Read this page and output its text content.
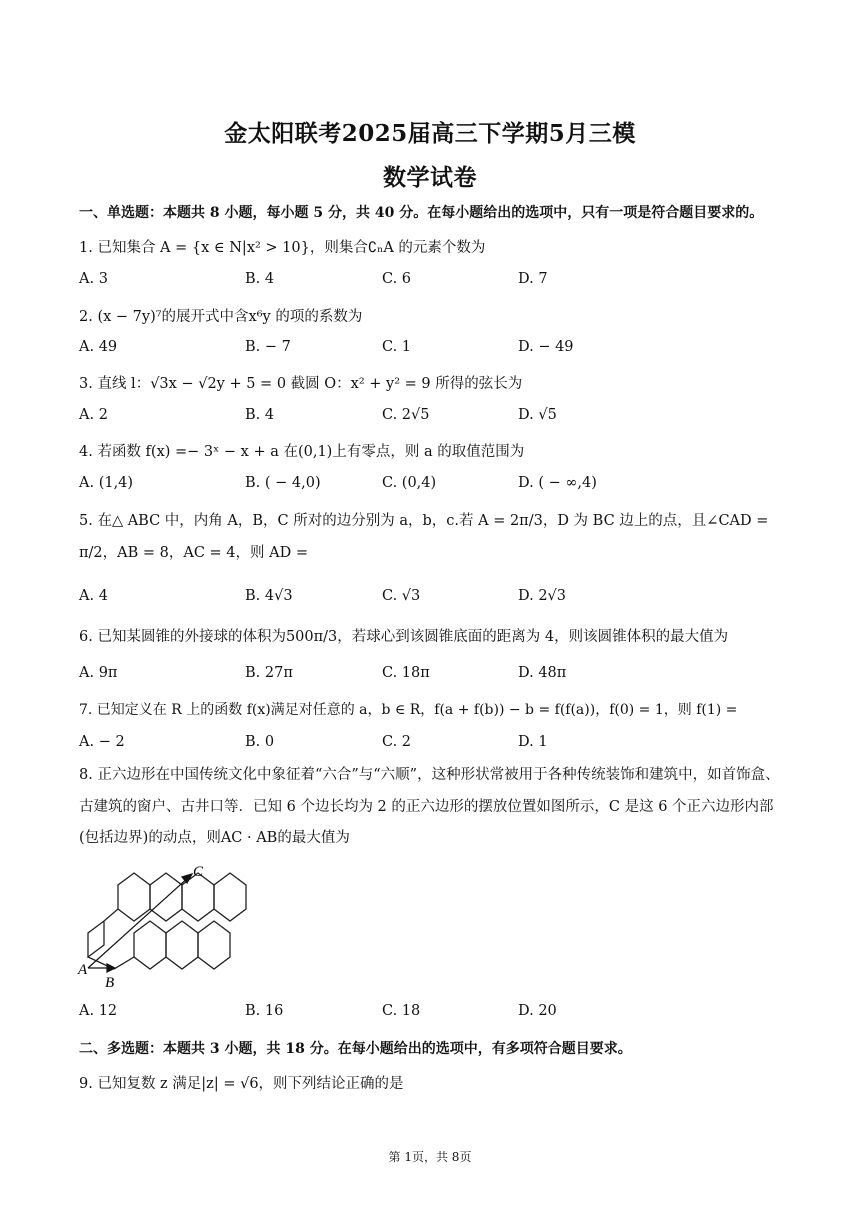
金太阳联考2025届高三下学期5月三模
数学试卷
一、单选题：本题共 8 小题，每小题 5 分，共 40 分。在每小题给出的选项中，只有一项是符合题目要求的。
1. 已知集合 A = {x ∈ N|x² > 10}，则集合∁ₙA 的元素个数为
A. 3	B. 4	C. 6	D. 7
2. (x − 7y)⁷的展开式中含x⁶y 的项的系数为
A. 49	B. − 7	C. 1	D. − 49
3. 直线 l：√3x − √2y + 5 = 0 截圆 O：x² + y² = 9 所得的弦长为
A. 2	B. 4	C. 2√5	D. √5
4. 若函数 f(x) =− 3ˣ − x + a 在(0,1)上有零点，则 a 的取值范围为
A. (1,4)	B. ( − 4,0)	C. (0,4)	D. ( − ∞,4)
5. 在△ ABC 中，内角 A，B，C 所对的边分别为 a，b，c.若 A = 2π/3，D 为 BC 边上的点，且∠CAD = π/2，AB = 8，AC = 4，则 AD =
A. 4	B. 4√3	C. √3	D. 2√3
6. 已知某圆锥的外接球的体积为500π/3，若球心到该圆锥底面的距离为 4，则该圆锥体积的最大值为
A. 9π	B. 27π	C. 18π	D. 48π
7. 已知定义在 R 上的函数 f(x)满足对任意的 a，b ∈ R，f(a + f(b)) − b = f(f(a))，f(0) = 1，则 f(1) =
A. − 2	B. 0	C. 2	D. 1
8. 正六边形在中国传统文化中象征着“六合”与“六顺”，这种形状常被用于各种传统装饰和建筑中，如首饰盒、古建筑的窗户、古井口等．已知 6 个边长均为 2 的正六边形的摆放位置如图所示，C 是这 6 个正六边形内部(包括边界)的动点，则AC · AB的最大值为
A
B
C
A. 12	B. 16	C. 18	D. 20
二、多选题：本题共 3 小题，共 18 分。在每小题给出的选项中，有多项符合题目要求。
9. 已知复数 z 满足|z| = √6，则下列结论正确的是
第 1页，共 8页
